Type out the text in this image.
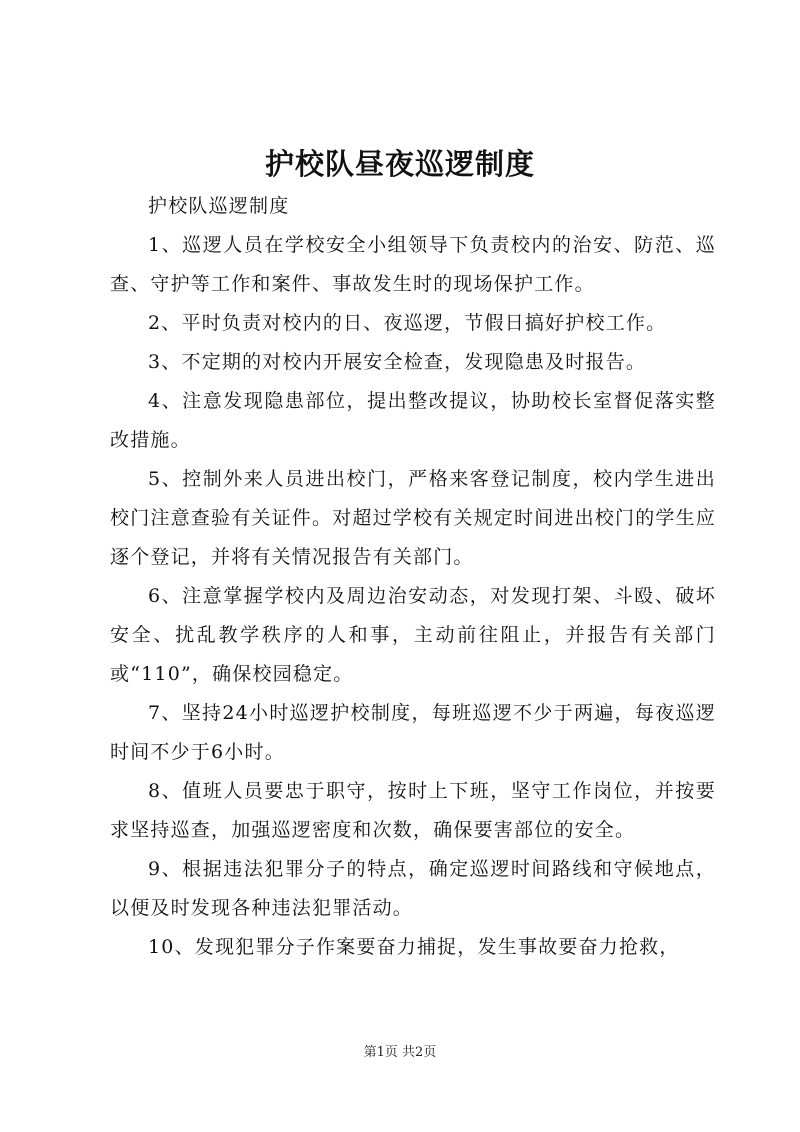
护校队昼夜巡逻制度

护校队巡逻制度

1、巡逻人员在学校安全小组领导下负责校内的治安、防范、巡查、守护等工作和案件、事故发生时的现场保护工作。

2、平时负责对校内的日、夜巡逻，节假日搞好护校工作。

3、不定期的对校内开展安全检查，发现隐患及时报告。

4、注意发现隐患部位，提出整改提议，协助校长室督促落实整改措施。

5、控制外来人员进出校门，严格来客登记制度，校内学生进出校门注意查验有关证件。对超过学校有关规定时间进出校门的学生应逐个登记，并将有关情况报告有关部门。

6、注意掌握学校内及周边治安动态，对发现打架、斗殴、破坏安全、扰乱教学秩序的人和事，主动前往阻止，并报告有关部门或“110”，确保校园稳定。

7、坚持24小时巡逻护校制度，每班巡逻不少于两遍，每夜巡逻时间不少于6小时。

8、值班人员要忠于职守，按时上下班，坚守工作岗位，并按要求坚持巡查，加强巡逻密度和次数，确保要害部位的安全。

9、根据违法犯罪分子的特点，确定巡逻时间路线和守候地点，以便及时发现各种违法犯罪活动。

10、发现犯罪分子作案要奋力捕捉，发生事故要奋力抢救，

第1页 共2页
